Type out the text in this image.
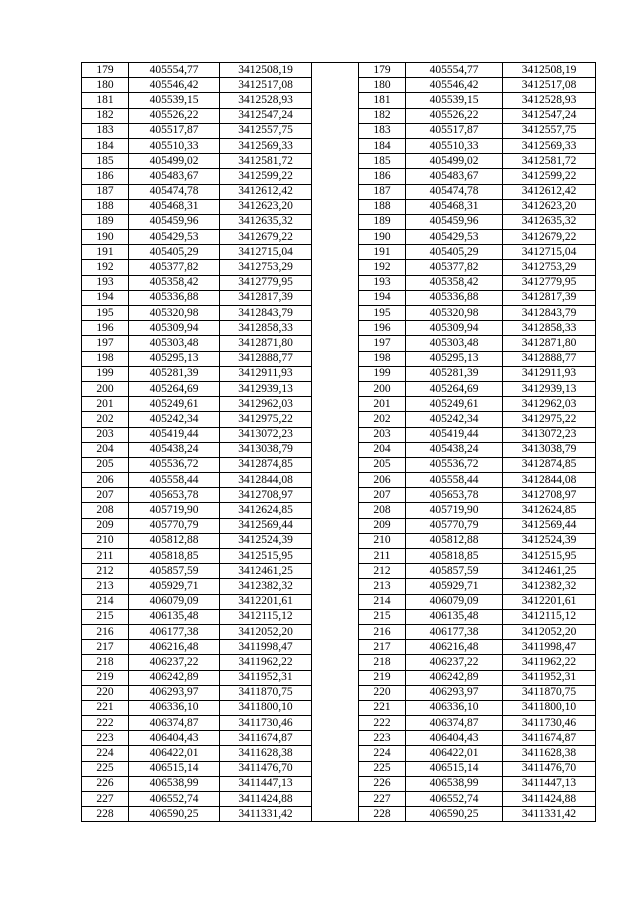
179	405554,77	3412508,19		179	405554,77	3412508,19
180	405546,42	3412517,08		180	405546,42	3412517,08
181	405539,15	3412528,93		181	405539,15	3412528,93
182	405526,22	3412547,24		182	405526,22	3412547,24
183	405517,87	3412557,75		183	405517,87	3412557,75
184	405510,33	3412569,33		184	405510,33	3412569,33
185	405499,02	3412581,72		185	405499,02	3412581,72
186	405483,67	3412599,22		186	405483,67	3412599,22
187	405474,78	3412612,42		187	405474,78	3412612,42
188	405468,31	3412623,20		188	405468,31	3412623,20
189	405459,96	3412635,32		189	405459,96	3412635,32
190	405429,53	3412679,22		190	405429,53	3412679,22
191	405405,29	3412715,04		191	405405,29	3412715,04
192	405377,82	3412753,29		192	405377,82	3412753,29
193	405358,42	3412779,95		193	405358,42	3412779,95
194	405336,88	3412817,39		194	405336,88	3412817,39
195	405320,98	3412843,79		195	405320,98	3412843,79
196	405309,94	3412858,33		196	405309,94	3412858,33
197	405303,48	3412871,80		197	405303,48	3412871,80
198	405295,13	3412888,77		198	405295,13	3412888,77
199	405281,39	3412911,93		199	405281,39	3412911,93
200	405264,69	3412939,13		200	405264,69	3412939,13
201	405249,61	3412962,03		201	405249,61	3412962,03
202	405242,34	3412975,22		202	405242,34	3412975,22
203	405419,44	3413072,23		203	405419,44	3413072,23
204	405438,24	3413038,79		204	405438,24	3413038,79
205	405536,72	3412874,85		205	405536,72	3412874,85
206	405558,44	3412844,08		206	405558,44	3412844,08
207	405653,78	3412708,97		207	405653,78	3412708,97
208	405719,90	3412624,85		208	405719,90	3412624,85
209	405770,79	3412569,44		209	405770,79	3412569,44
210	405812,88	3412524,39		210	405812,88	3412524,39
211	405818,85	3412515,95		211	405818,85	3412515,95
212	405857,59	3412461,25		212	405857,59	3412461,25
213	405929,71	3412382,32		213	405929,71	3412382,32
214	406079,09	3412201,61		214	406079,09	3412201,61
215	406135,48	3412115,12		215	406135,48	3412115,12
216	406177,38	3412052,20		216	406177,38	3412052,20
217	406216,48	3411998,47		217	406216,48	3411998,47
218	406237,22	3411962,22		218	406237,22	3411962,22
219	406242,89	3411952,31		219	406242,89	3411952,31
220	406293,97	3411870,75		220	406293,97	3411870,75
221	406336,10	3411800,10		221	406336,10	3411800,10
222	406374,87	3411730,46		222	406374,87	3411730,46
223	406404,43	3411674,87		223	406404,43	3411674,87
224	406422,01	3411628,38		224	406422,01	3411628,38
225	406515,14	3411476,70		225	406515,14	3411476,70
226	406538,99	3411447,13		226	406538,99	3411447,13
227	406552,74	3411424,88		227	406552,74	3411424,88
228	406590,25	3411331,42		228	406590,25	3411331,42
